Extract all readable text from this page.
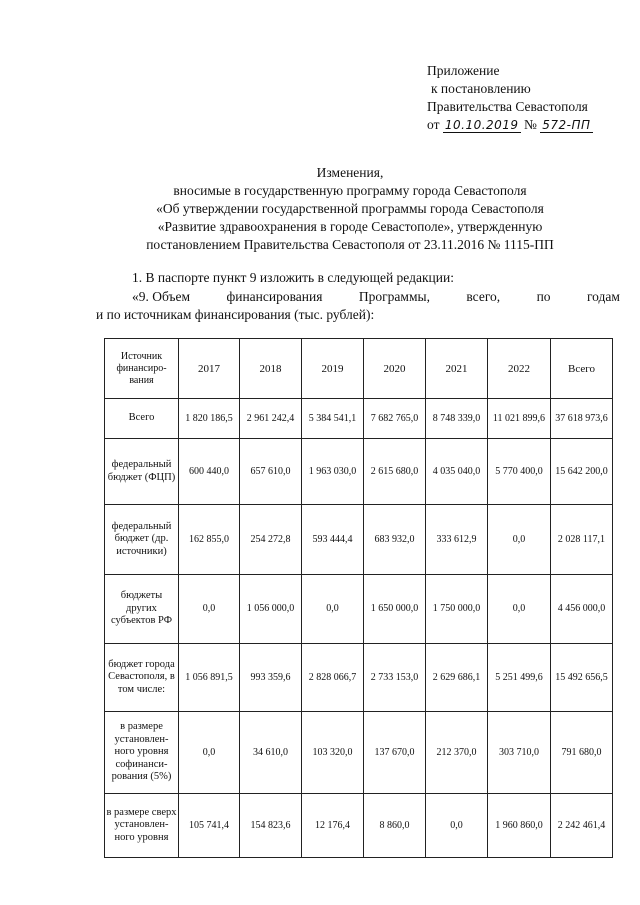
Приложение
к постановлению
Правительства Севастополя
от 10.10.2019 № 572-ПП
Изменения,
вносимые в государственную программу города Севастополя
«Об утверждении государственной программы города Севастополя
«Развитие здравоохранения в городе Севастополе», утвержденную
постановлением Правительства Севастополя от 23.11.2016 № 1115-ПП
1. В паспорте пункт 9 изложить в следующей редакции:
«9. Объем	финансирования	Программы,	всего,	по	годам
и по источникам финансирования (тыс. рублей):
Источник финансиро-вания	2017	2018	2019	2020	2021	2022	Всего
Всего	1 820 186,5	2 961 242,4	5 384 541,1	7 682 765,0	8 748 339,0	11 021 899,6	37 618 973,6
федеральный бюджет (ФЦП)	600 440,0	657 610,0	1 963 030,0	2 615 680,0	4 035 040,0	5 770 400,0	15 642 200,0
федеральный бюджет (др. источники)	162 855,0	254 272,8	593 444,4	683 932,0	333 612,9	0,0	2 028 117,1
бюджеты других субъектов РФ	0,0	1 056 000,0	0,0	1 650 000,0	1 750 000,0	0,0	4 456 000,0
бюджет города Севастополя, в том числе:	1 056 891,5	993 359,6	2 828 066,7	2 733 153,0	2 629 686,1	5 251 499,6	15 492 656,5
в размере установлен-ного уровня софинанси-рования (5%)	0,0	34 610,0	103 320,0	137 670,0	212 370,0	303 710,0	791 680,0
в размере сверх установлен-ного уровня	105 741,4	154 823,6	12 176,4	8 860,0	0,0	1 960 860,0	2 242 461,4
